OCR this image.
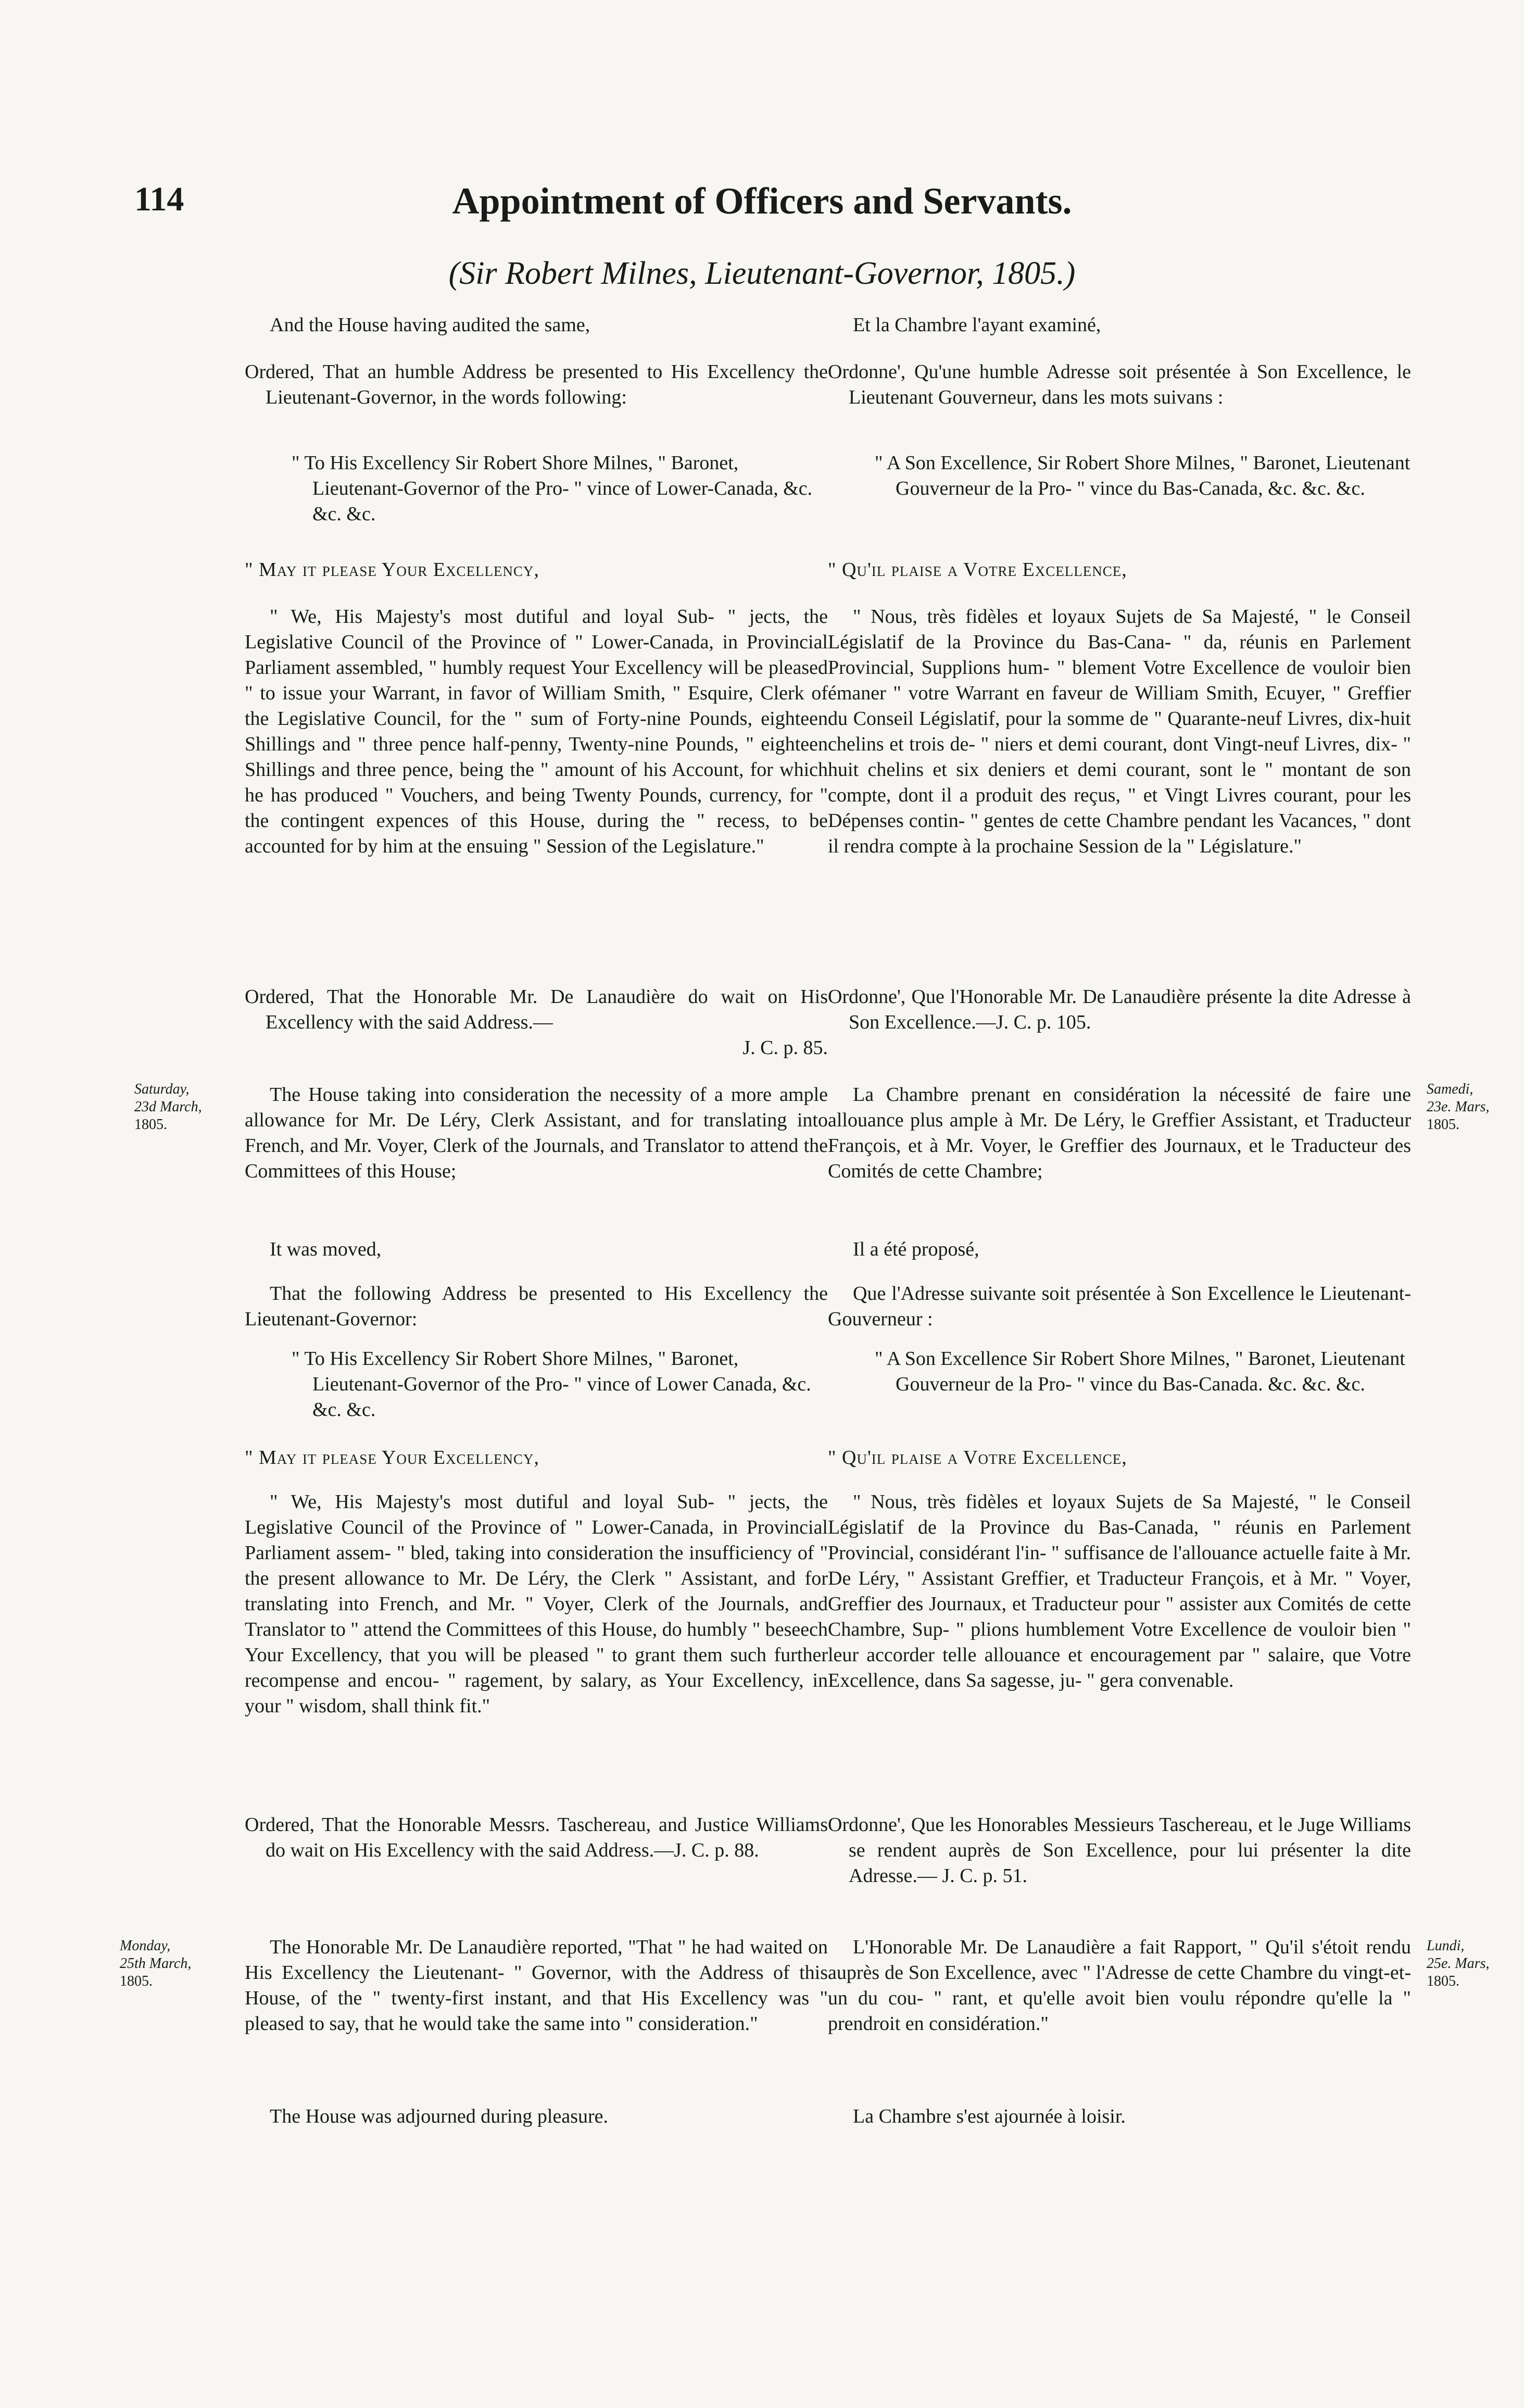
114	Appointment of Officers and Servants.
(Sir Robert Milnes, Lieutenant-Governor, 1805.)
Saturday,
23d March,
1805.
Monday,
25th March,
1805.
Samedi,
23e. Mars,
1805.
Lundi,
25e. Mars,
1805.

And the House having audited the same,

Ordered, That an humble Address be presented to His Excellency the Lieutenant-Governor, in the words following:

" To His Excellency Sir Robert Shore Milnes, " Baronet, Lieutenant-Governor of the Pro- " vince of Lower-Canada, &c. &c. &c.

" May it please Your Excellency,

" We, His Majesty's most dutiful and loyal Sub- " jects, the Legislative Council of the Province of " Lower-Canada, in Provincial Parliament assembled, " humbly request Your Excellency will be pleased " to issue your Warrant, in favor of William Smith, " Esquire, Clerk of the Legislative Council, for the " sum of Forty-nine Pounds, eighteen Shillings and " three pence half-penny, Twenty-nine Pounds, " eighteen Shillings and three pence, being the " amount of his Account, for which he has produced " Vouchers, and being Twenty Pounds, currency, for " the contingent expences of this House, during the " recess, to be accounted for by him at the ensuing " Session of the Legislature."

Ordered, That the Honorable Mr. De Lanaudière do wait on His Excellency with the said Address.—

J. C. p. 85.

The House taking into consideration the necessity of a more ample allowance for Mr. De Léry, Clerk Assistant, and for translating into French, and Mr. Voyer, Clerk of the Journals, and Translator to attend the Committees of this House;

It was moved,

That the following Address be presented to His Excellency the Lieutenant-Governor:

" To His Excellency Sir Robert Shore Milnes, " Baronet, Lieutenant-Governor of the Pro- " vince of Lower Canada, &c. &c. &c.

" May it please Your Excellency,

" We, His Majesty's most dutiful and loyal Sub- " jects, the Legislative Council of the Province of " Lower-Canada, in Provincial Parliament assem- " bled, taking into consideration the insufficiency of " the present allowance to Mr. De Léry, the Clerk " Assistant, and for translating into French, and Mr. " Voyer, Clerk of the Journals, and Translator to " attend the Committees of this House, do humbly " beseech Your Excellency, that you will be pleased " to grant them such further recompense and encou- " ragement, by salary, as Your Excellency, in your " wisdom, shall think fit."

Ordered, That the Honorable Messrs. Taschereau, and Justice Williams do wait on His Excellency with the said Address.—J. C. p. 88.

The Honorable Mr. De Lanaudière reported, "That " he had waited on His Excellency the Lieutenant- " Governor, with the Address of this House, of the " twenty-first instant, and that His Excellency was " pleased to say, that he would take the same into " consideration."

The House was adjourned during pleasure.

Et la Chambre l'ayant examiné,

Ordonne', Qu'une humble Adresse soit présentée à Son Excellence, le Lieutenant Gouverneur, dans les mots suivans :

" A Son Excellence, Sir Robert Shore Milnes, " Baronet, Lieutenant Gouverneur de la Pro- " vince du Bas-Canada, &c. &c. &c.

" Qu'il plaise a Votre Excellence,

" Nous, très fidèles et loyaux Sujets de Sa Majesté, " le Conseil Législatif de la Province du Bas-Cana- " da, réunis en Parlement Provincial, Supplions hum- " blement Votre Excellence de vouloir bien émaner " votre Warrant en faveur de William Smith, Ecuyer, " Greffier du Conseil Législatif, pour la somme de " Quarante-neuf Livres, dix-huit chelins et trois de- " niers et demi courant, dont Vingt-neuf Livres, dix- " huit chelins et six deniers et demi courant, sont le " montant de son compte, dont il a produit des reçus, " et Vingt Livres courant, pour les Dépenses contin- " gentes de cette Chambre pendant les Vacances, " dont il rendra compte à la prochaine Session de la " Législature."

Ordonne', Que l'Honorable Mr. De Lanaudière présente la dite Adresse à Son Excellence.—J. C. p. 105.

La Chambre prenant en considération la nécessité de faire une allouance plus ample à Mr. De Léry, le Greffier Assistant, et Traducteur François, et à Mr. Voyer, le Greffier des Journaux, et le Traducteur des Comités de cette Chambre;

Il a été proposé,

Que l'Adresse suivante soit présentée à Son Excellence le Lieutenant-Gouverneur :

" A Son Excellence Sir Robert Shore Milnes, " Baronet, Lieutenant Gouverneur de la Pro- " vince du Bas-Canada. &c. &c. &c.

" Qu'il plaise a Votre Excellence,

" Nous, très fidèles et loyaux Sujets de Sa Majesté, " le Conseil Législatif de la Province du Bas-Canada, " réunis en Parlement Provincial, considérant l'in- " suffisance de l'allouance actuelle faite à Mr. De Léry, " Assistant Greffier, et Traducteur François, et à Mr. " Voyer, Greffier des Journaux, et Traducteur pour " assister aux Comités de cette Chambre, Sup- " plions humblement Votre Excellence de vouloir bien " leur accorder telle allouance et encouragement par " salaire, que Votre Excellence, dans Sa sagesse, ju- " gera convenable.

Ordonne', Que les Honorables Messieurs Taschereau, et le Juge Williams se rendent auprès de Son Excellence, pour lui présenter la dite Adresse.— J. C. p. 51.

L'Honorable Mr. De Lanaudière a fait Rapport, " Qu'il s'étoit rendu auprès de Son Excellence, avec " l'Adresse de cette Chambre du vingt-et-un du cou- " rant, et qu'elle avoit bien voulu répondre qu'elle la " prendroit en considération."

La Chambre s'est ajournée à loisir.
